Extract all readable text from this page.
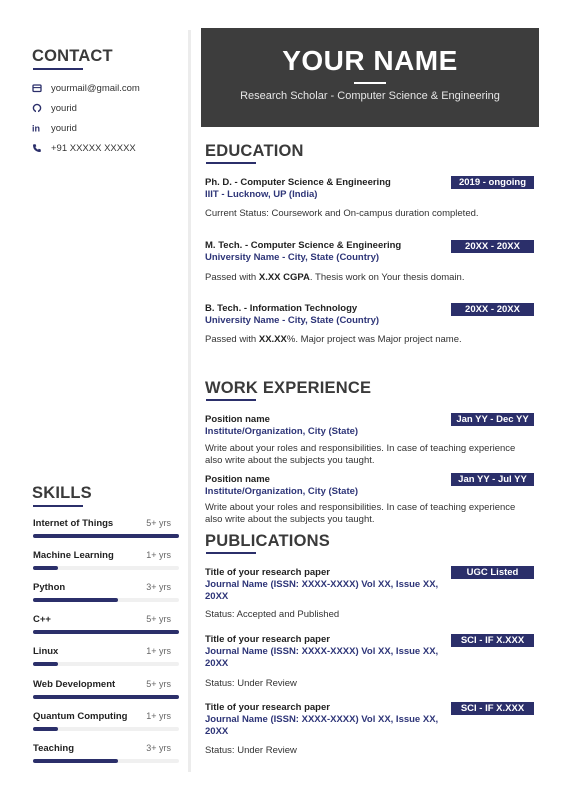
CONTACT
yourmail@gmail.com
yourid
in yourid
+91 XXXXX XXXXX
SKILLS
Internet of Things	5+ yrs
Machine Learning	1+ yrs
Python	3+ yrs
C++	5+ yrs
Linux	1+ yrs
Web Development	5+ yrs
Quantum Computing 1+ yrs
Teaching	3+ yrs
YOUR NAME
Research Scholar - Computer Science & Engineering
EDUCATION
Ph. D. - Computer Science & Engineering
IIIT - Lucknow, UP (India)
2019 - ongoing
Current Status: Coursework and On-campus duration completed.
M. Tech. - Computer Science & Engineering
University Name - City, State (Country)
20XX - 20XX
Passed with X.XX CGPA. Thesis work on Your thesis domain.
B. Tech. - Information Technology
University Name - City, State (Country)
20XX - 20XX
Passed with XX.XX%. Major project was Major project name.
WORK EXPERIENCE
Position name
Institute/Organization, City (State)
Jan YY - Dec YY
Write about your roles and responsibilities. In case of teaching experience also write about the subjects you taught.
Position name
Institute/Organization, City (State)
Jan YY - Jul YY
Write about your roles and responsibilities. In case of teaching experience also write about the subjects you taught.
PUBLICATIONS
Title of your research paper
Journal Name (ISSN: XXXX-XXXX) Vol XX, Issue XX, 20XX
UGC Listed
Status: Accepted and Published
Title of your research paper
Journal Name (ISSN: XXXX-XXXX) Vol XX, Issue XX, 20XX
SCI - IF X.XXX
Status: Under Review
Title of your research paper
Journal Name (ISSN: XXXX-XXXX) Vol XX, Issue XX, 20XX
SCI - IF X.XXX
Status: Under Review
